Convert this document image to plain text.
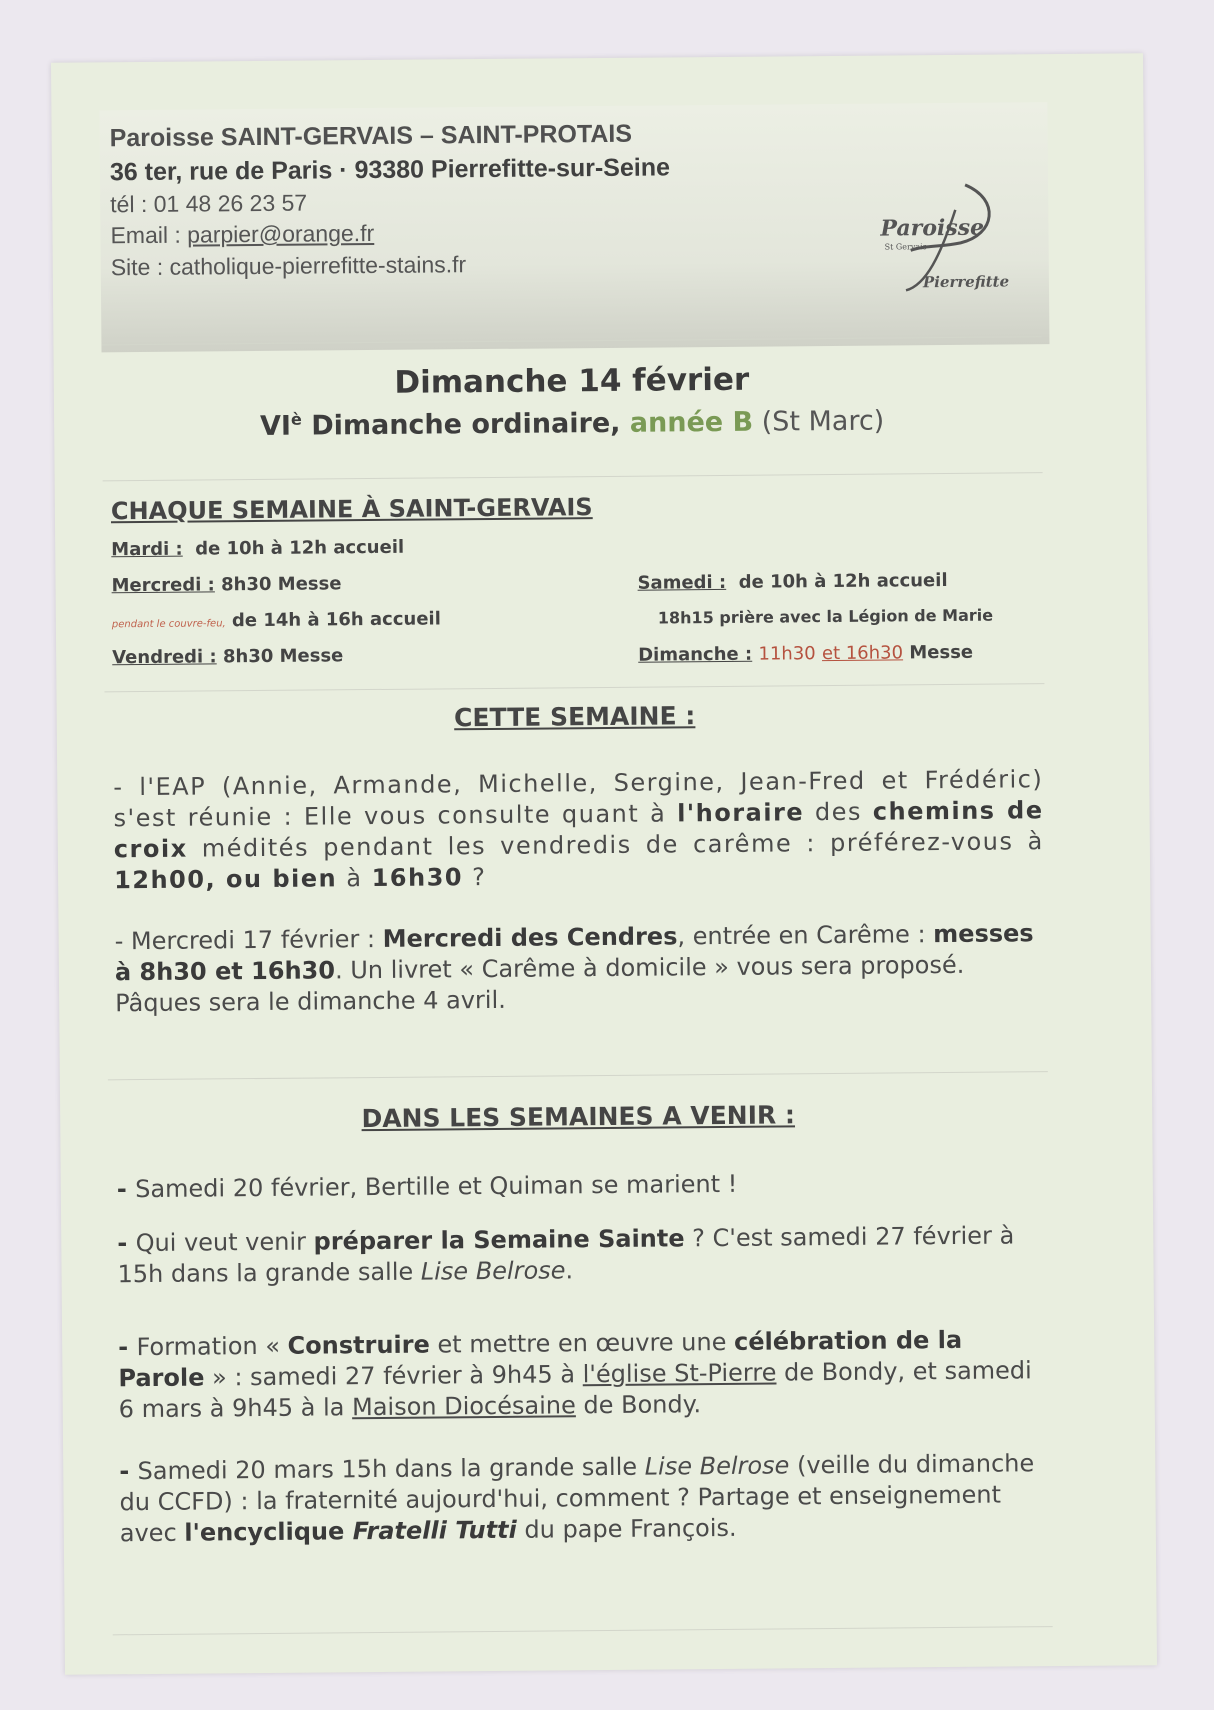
Paroisse SAINT-GERVAIS – SAINT-PROTAIS
36 ter, rue de Paris · 93380 Pierrefitte-sur-Seine
tél : 01 48 26 23 57
Email : parpier@orange.fr
Site : catholique-pierrefitte-stains.fr
Paroisse
St Gervais
Pierrefitte
Dimanche 14 février
$VI^è$ Dimanche ordinaire, année B (St Marc)
CHAQUE SEMAINE À SAINT-GERVAIS
Mardi : de 10h à 12h accueil
Mercredi : 8h30 Messe
pendant le couvre-feu, de 14h à 16h accueil
Vendredi : 8h30 Messe
Samedi : de 10h à 12h accueil
18h15 prière avec la Légion de Marie
Dimanche : 11h30 et 16h30 Messe
CETTE SEMAINE :
- l'EAP (Annie, Armande, Michelle, Sergine, Jean-Fred et Frédéric) s'est réunie : Elle vous consulte quant à l'horaire des chemins de croix médités pendant les vendredis de carême : préférez-vous à 12h00, ou bien à 16h30 ?
- Mercredi 17 février : Mercredi des Cendres, entrée en Carême : messes à 8h30 et 16h30. Un livret « Carême à domicile » vous sera proposé. Pâques sera le dimanche 4 avril.
DANS LES SEMAINES A VENIR :
- Samedi 20 février, Bertille et Quiman se marient !
- Qui veut venir préparer la Semaine Sainte ? C'est samedi 27 février à 15h dans la grande salle Lise Belrose.
- Formation « Construire et mettre en œuvre une célébration de la Parole » : samedi 27 février à 9h45 à l'église St-Pierre de Bondy, et samedi 6 mars à 9h45 à la Maison Diocésaine de Bondy.
- Samedi 20 mars 15h dans la grande salle Lise Belrose (veille du dimanche du CCFD) : la fraternité aujourd'hui, comment ? Partage et enseignement avec l'encyclique Fratelli Tutti du pape François.
